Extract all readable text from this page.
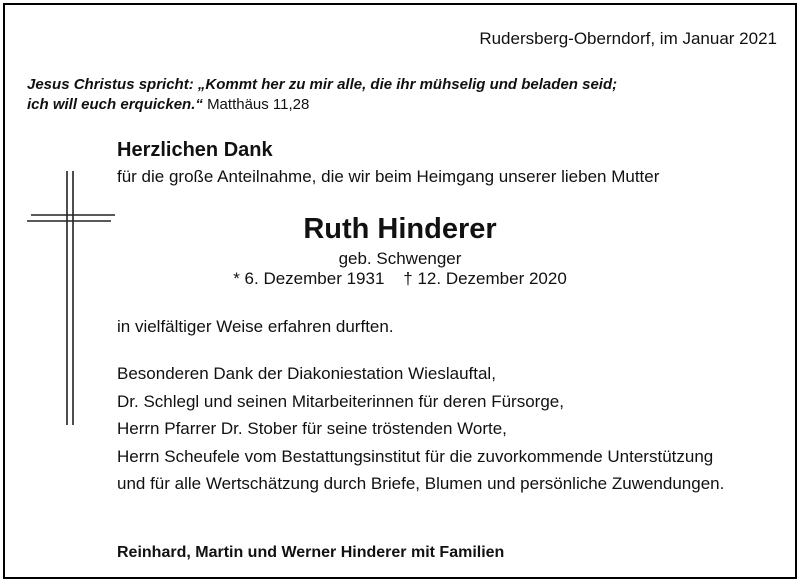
Rudersberg-Oberndorf, im Januar 2021
Jesus Christus spricht: „Kommt her zu mir alle, die ihr mühselig und beladen seid;
ich will euch erquicken.“ Matthäus 11,28
Herzlichen Dank
für die große Anteilnahme, die wir beim Heimgang unserer lieben Mutter
Ruth Hinderer
geb. Schwenger
* 6. Dezember 1931    † 12. Dezember 2020
in vielfältiger Weise erfahren durften.
Besonderen Dank der Diakoniestation Wieslauftal,
Dr. Schlegl und seinen Mitarbeiterinnen für deren Fürsorge,
Herrn Pfarrer Dr. Stober für seine tröstenden Worte,
Herrn Scheufele vom Bestattungsinstitut für die zuvorkommende Unterstützung
und für alle Wertschätzung durch Briefe, Blumen und persönliche Zuwendungen.
Reinhard, Martin und Werner Hinderer mit Familien
